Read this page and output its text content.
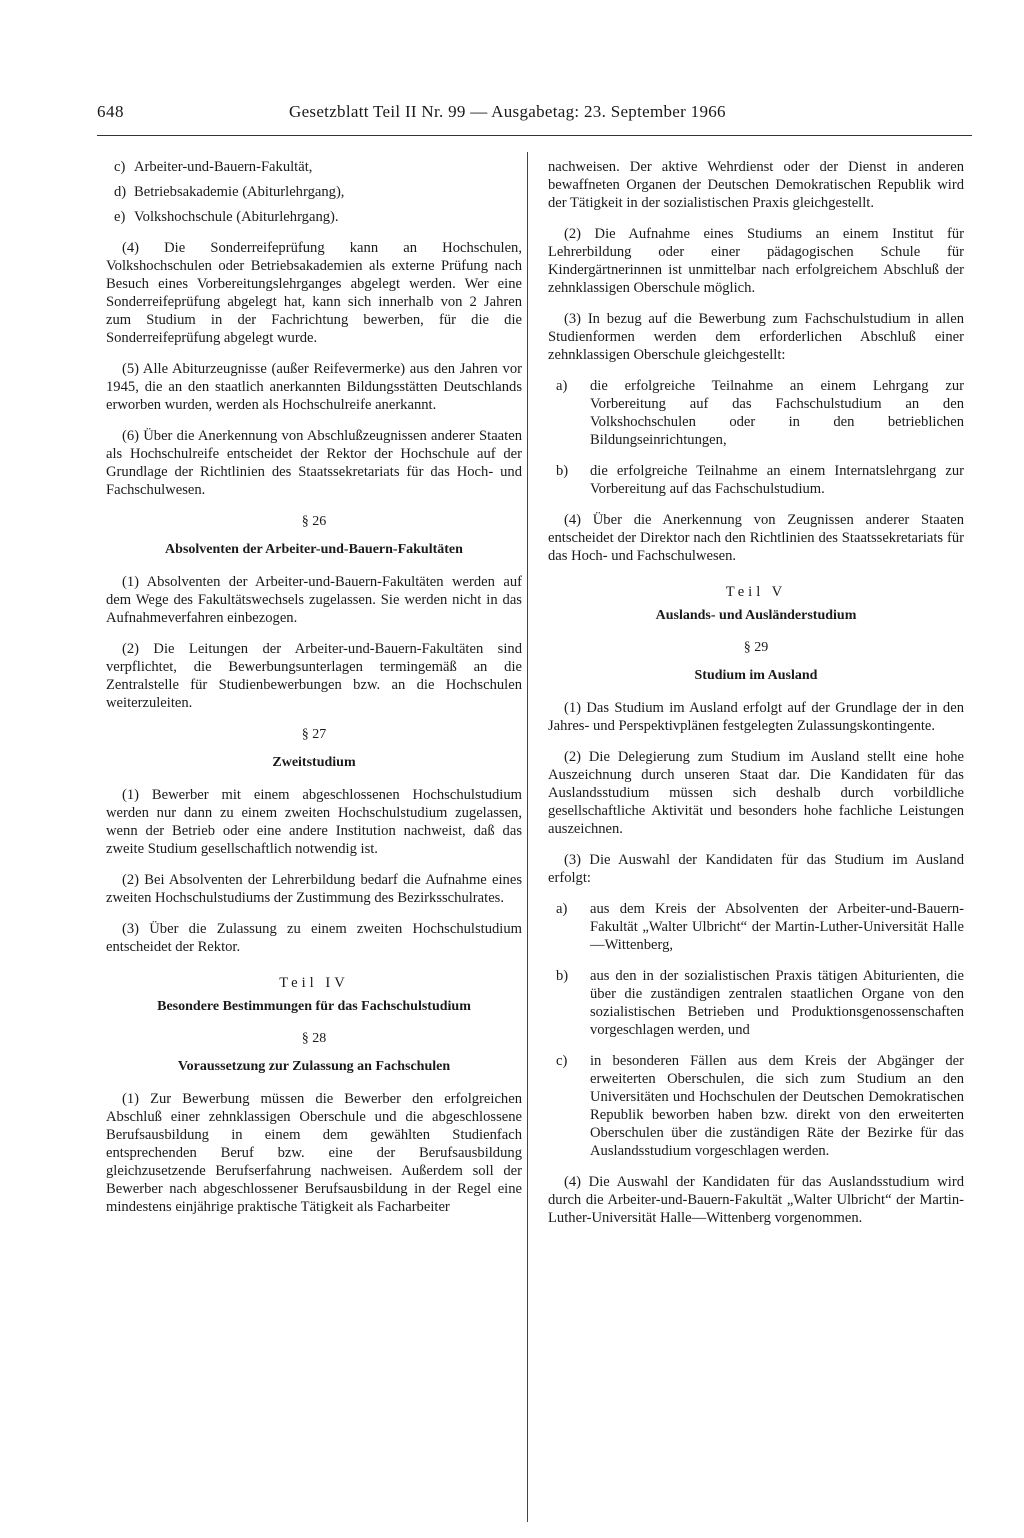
648	Gesetzblatt Teil II Nr. 99 — Ausgabetag: 23. September 1966
c) Arbeiter-und-Bauern-Fakultät,
d) Betriebsakademie (Abiturlehrgang),
e) Volkshochschule (Abiturlehrgang).

(4) Die Sonderreifeprüfung kann an Hochschulen, Volkshochschulen oder Betriebsakademien als externe Prüfung nach Besuch eines Vorbereitungslehrganges abgelegt werden. Wer eine Sonderreifeprüfung abgelegt hat, kann sich innerhalb von 2 Jahren zum Studium in der Fachrichtung bewerben, für die die Sonderreifeprüfung abgelegt wurde.

(5) Alle Abiturzeugnisse (außer Reifevermerke) aus den Jahren vor 1945, die an den staatlich anerkannten Bildungsstätten Deutschlands erworben wurden, werden als Hochschulreife anerkannt.

(6) Über die Anerkennung von Abschlußzeugnissen anderer Staaten als Hochschulreife entscheidet der Rektor der Hochschule auf der Grundlage der Richtlinien des Staatssekretariats für das Hoch- und Fachschulwesen.

§ 26
Absolventen der Arbeiter-und-Bauern-Fakultäten

(1) Absolventen der Arbeiter-und-Bauern-Fakultäten werden auf dem Wege des Fakultätswechsels zugelassen. Sie werden nicht in das Aufnahmeverfahren einbezogen.

(2) Die Leitungen der Arbeiter-und-Bauern-Fakultäten sind verpflichtet, die Bewerbungsunterlagen termingemäß an die Zentralstelle für Studienbewerbungen bzw. an die Hochschulen weiterzuleiten.

§ 27
Zweitstudium

(1) Bewerber mit einem abgeschlossenen Hochschulstudium werden nur dann zu einem zweiten Hochschulstudium zugelassen, wenn der Betrieb oder eine andere Institution nachweist, daß das zweite Studium gesellschaftlich notwendig ist.

(2) Bei Absolventen der Lehrerbildung bedarf die Aufnahme eines zweiten Hochschulstudiums der Zustimmung des Bezirksschulrates.

(3) Über die Zulassung zu einem zweiten Hochschulstudium entscheidet der Rektor.

Teil IV
Besondere Bestimmungen für das Fachschulstudium
§ 28
Voraussetzung zur Zulassung an Fachschulen

(1) Zur Bewerbung müssen die Bewerber den erfolgreichen Abschluß einer zehnklassigen Oberschule und die abgeschlossene Berufsausbildung in einem dem gewählten Studienfach entsprechenden Beruf bzw. eine der Berufsausbildung gleichzusetzende Berufserfahrung nachweisen. Außerdem soll der Bewerber nach abgeschlossener Berufsausbildung in der Regel eine mindestens einjährige praktische Tätigkeit als Facharbeiter

nachweisen. Der aktive Wehrdienst oder der Dienst in anderen bewaffneten Organen der Deutschen Demokratischen Republik wird der Tätigkeit in der sozialistischen Praxis gleichgestellt.

(2) Die Aufnahme eines Studiums an einem Institut für Lehrerbildung oder einer pädagogischen Schule für Kindergärtnerinnen ist unmittelbar nach erfolgreichem Abschluß der zehnklassigen Oberschule möglich.

(3) In bezug auf die Bewerbung zum Fachschulstudium in allen Studienformen werden dem erforderlichen Abschluß einer zehnklassigen Oberschule gleichgestellt:

a) die erfolgreiche Teilnahme an einem Lehrgang zur Vorbereitung auf das Fachschulstudium an den Volkshochschulen oder in den betrieblichen Bildungseinrichtungen,
b) die erfolgreiche Teilnahme an einem Internatslehrgang zur Vorbereitung auf das Fachschulstudium.

(4) Über die Anerkennung von Zeugnissen anderer Staaten entscheidet der Direktor nach den Richtlinien des Staatssekretariats für das Hoch- und Fachschulwesen.

Teil V
Auslands- und Ausländerstudium
§ 29
Studium im Ausland

(1) Das Studium im Ausland erfolgt auf der Grundlage der in den Jahres- und Perspektivplänen festgelegten Zulassungskontingente.

(2) Die Delegierung zum Studium im Ausland stellt eine hohe Auszeichnung durch unseren Staat dar. Die Kandidaten für das Auslandsstudium müssen sich deshalb durch vorbildliche gesellschaftliche Aktivität und besonders hohe fachliche Leistungen auszeichnen.

(3) Die Auswahl der Kandidaten für das Studium im Ausland erfolgt:

a) aus dem Kreis der Absolventen der Arbeiter-und-Bauern-Fakultät „Walter Ulbricht“ der Martin-Luther-Universität Halle—Wittenberg,
b) aus den in der sozialistischen Praxis tätigen Abiturienten, die über die zuständigen zentralen staatlichen Organe von den sozialistischen Betrieben und Produktionsgenossenschaften vorgeschlagen werden, und
c) in besonderen Fällen aus dem Kreis der Abgänger der erweiterten Oberschulen, die sich zum Studium an den Universitäten und Hochschulen der Deutschen Demokratischen Republik beworben haben bzw. direkt von den erweiterten Oberschulen über die zuständigen Räte der Bezirke für das Auslandsstudium vorgeschlagen werden.

(4) Die Auswahl der Kandidaten für das Auslandsstudium wird durch die Arbeiter-und-Bauern-Fakultät „Walter Ulbricht“ der Martin-Luther-Universität Halle—Wittenberg vorgenommen.
